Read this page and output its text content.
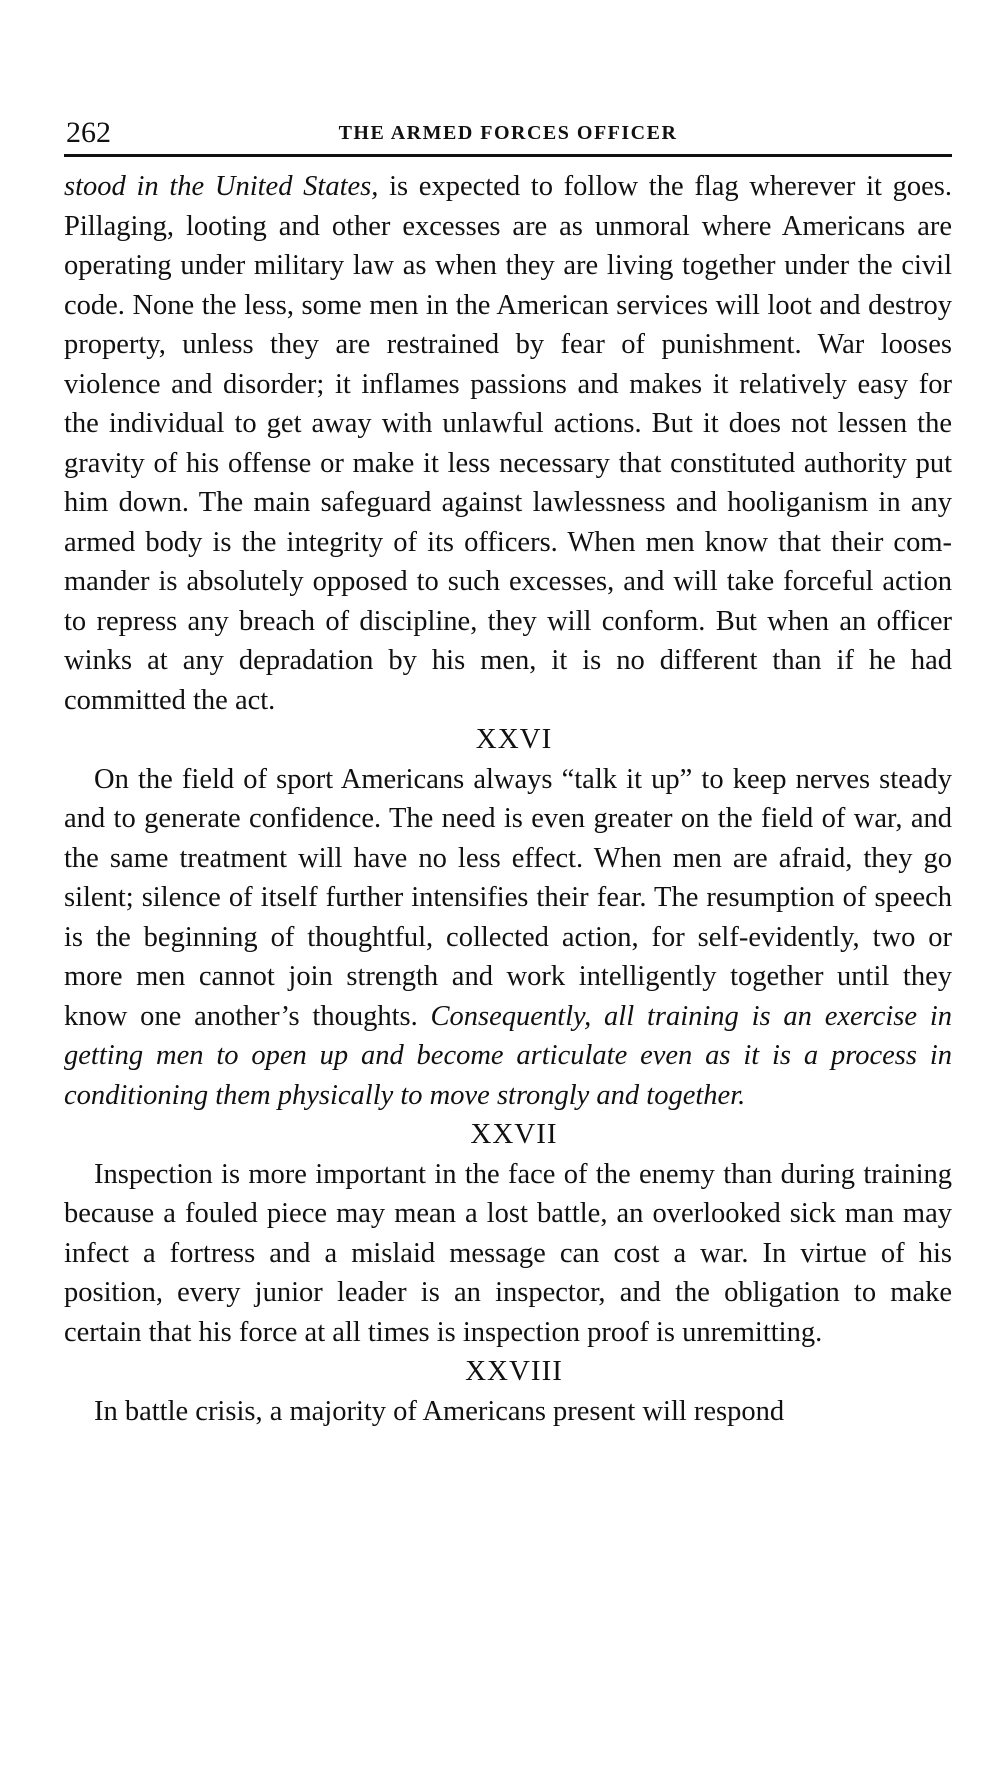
262	THE ARMED FORCES OFFICER

stood in the United States, is expected to follow the flag wherever it goes. Pillaging, looting and other excesses are as unmoral where Americans are operating under military law as when they are living together under the civil code. None the less, some men in the American services will loot and destroy property, unless they are restrained by fear of punishment. War looses violence and disorder; it inflames passions and makes it relatively easy for the individual to get away with unlawful actions. But it does not lessen the gravity of his offense or make it less necessary that constituted authority put him down. The main safeguard against lawlessness and hooliganism in any armed body is the integrity of its officers. When men know that their commander is absolutely opposed to such excesses, and will take forceful action to repress any breach of discipline, they will conform. But when an officer winks at any depradation by his men, it is no different than if he had committed the act.

XXVI

On the field of sport Americans always “talk it up” to keep nerves steady and to generate confidence. The need is even greater on the field of war, and the same treatment will have no less effect. When men are afraid, they go silent; silence of itself further intensifies their fear. The resumption of speech is the beginning of thoughtful, collected action, for self-evidently, two or more men cannot join strength and work intelligently together until they know one another’s thoughts. Consequently, all training is an exercise in getting men to open up and become articulate even as it is a process in conditioning them physically to move strongly and together.

XXVII

Inspection is more important in the face of the enemy than during training because a fouled piece may mean a lost battle, an overlooked sick man may infect a fortress and a mislaid message can cost a war. In virtue of his position, every junior leader is an inspector, and the obligation to make certain that his force at all times is inspection proof is unremitting.

XXVIII

In battle crisis, a majority of Americans present will respond
